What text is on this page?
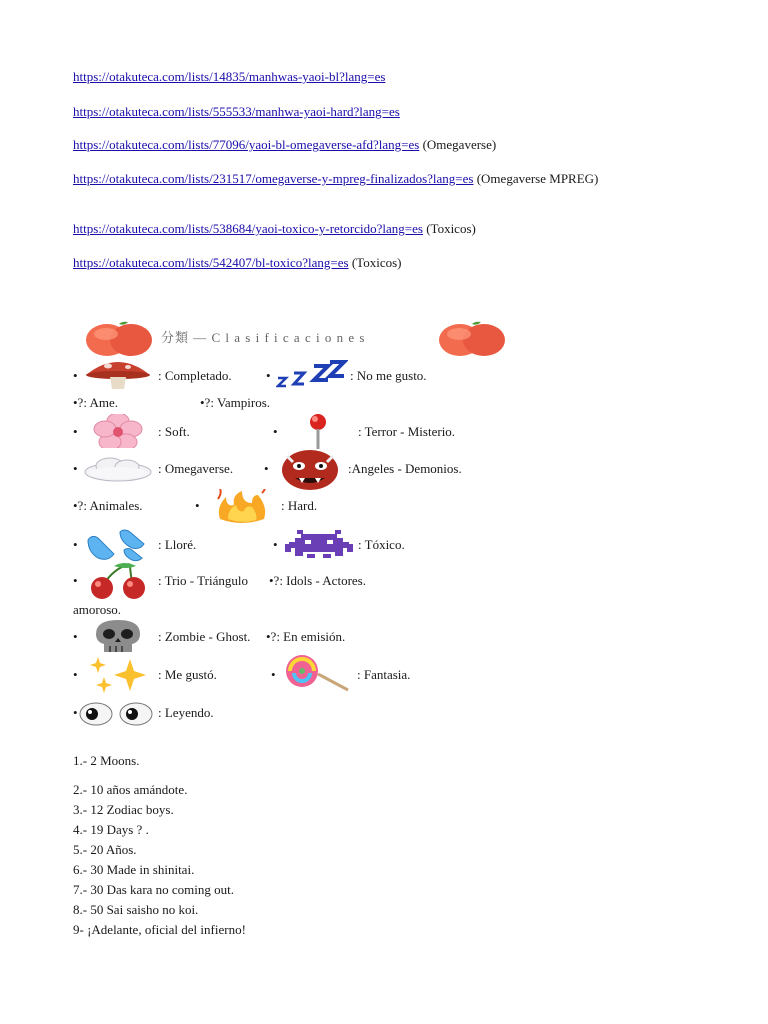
https://otakuteca.com/lists/14835/manhwas-yaoi-bl?lang=es
https://otakuteca.com/lists/555533/manhwa-yaoi-hard?lang=es
https://otakuteca.com/lists/77096/yaoi-bl-omegaverse-afd?lang=es (Omegaverse)
https://otakuteca.com/lists/231517/omegaverse-y-mpreg-finalizados?lang=es (Omegaverse MPREG)
https://otakuteca.com/lists/538684/yaoi-toxico-y-retorcido?lang=es (Toxicos)
https://otakuteca.com/lists/542407/bl-toxico?lang=es (Toxicos)
分類 — C l a s i f i c a c i o n e s
•	: Completado.	•	: No me gusto.
•?: Ame.	•?: Vampiros.
•	: Soft.	•	: Terror - Misterio.
•	: Omegaverse. •	:Angeles - Demonios.
•?: Animales.	•	: Hard.
•	: Lloré.	•	: Tóxico.
•	: Trio - Triángulo •?: Idols - Actores.
amoroso.
•	: Zombie - Ghost. •?: En emisión.
•	: Me gustó.	•	: Fantasia.
•	: Leyendo.
1.- 2 Moons.
2.- 10 años amándote.
3.- 12 Zodiac boys.
4.- 19 Days ? .
5.- 20 Años.
6.- 30 Made in shinitai.
7.- 30 Das kara no coming out.
8.- 50 Sai saisho no koi.
9- ¡Adelante, oficial del infierno!
